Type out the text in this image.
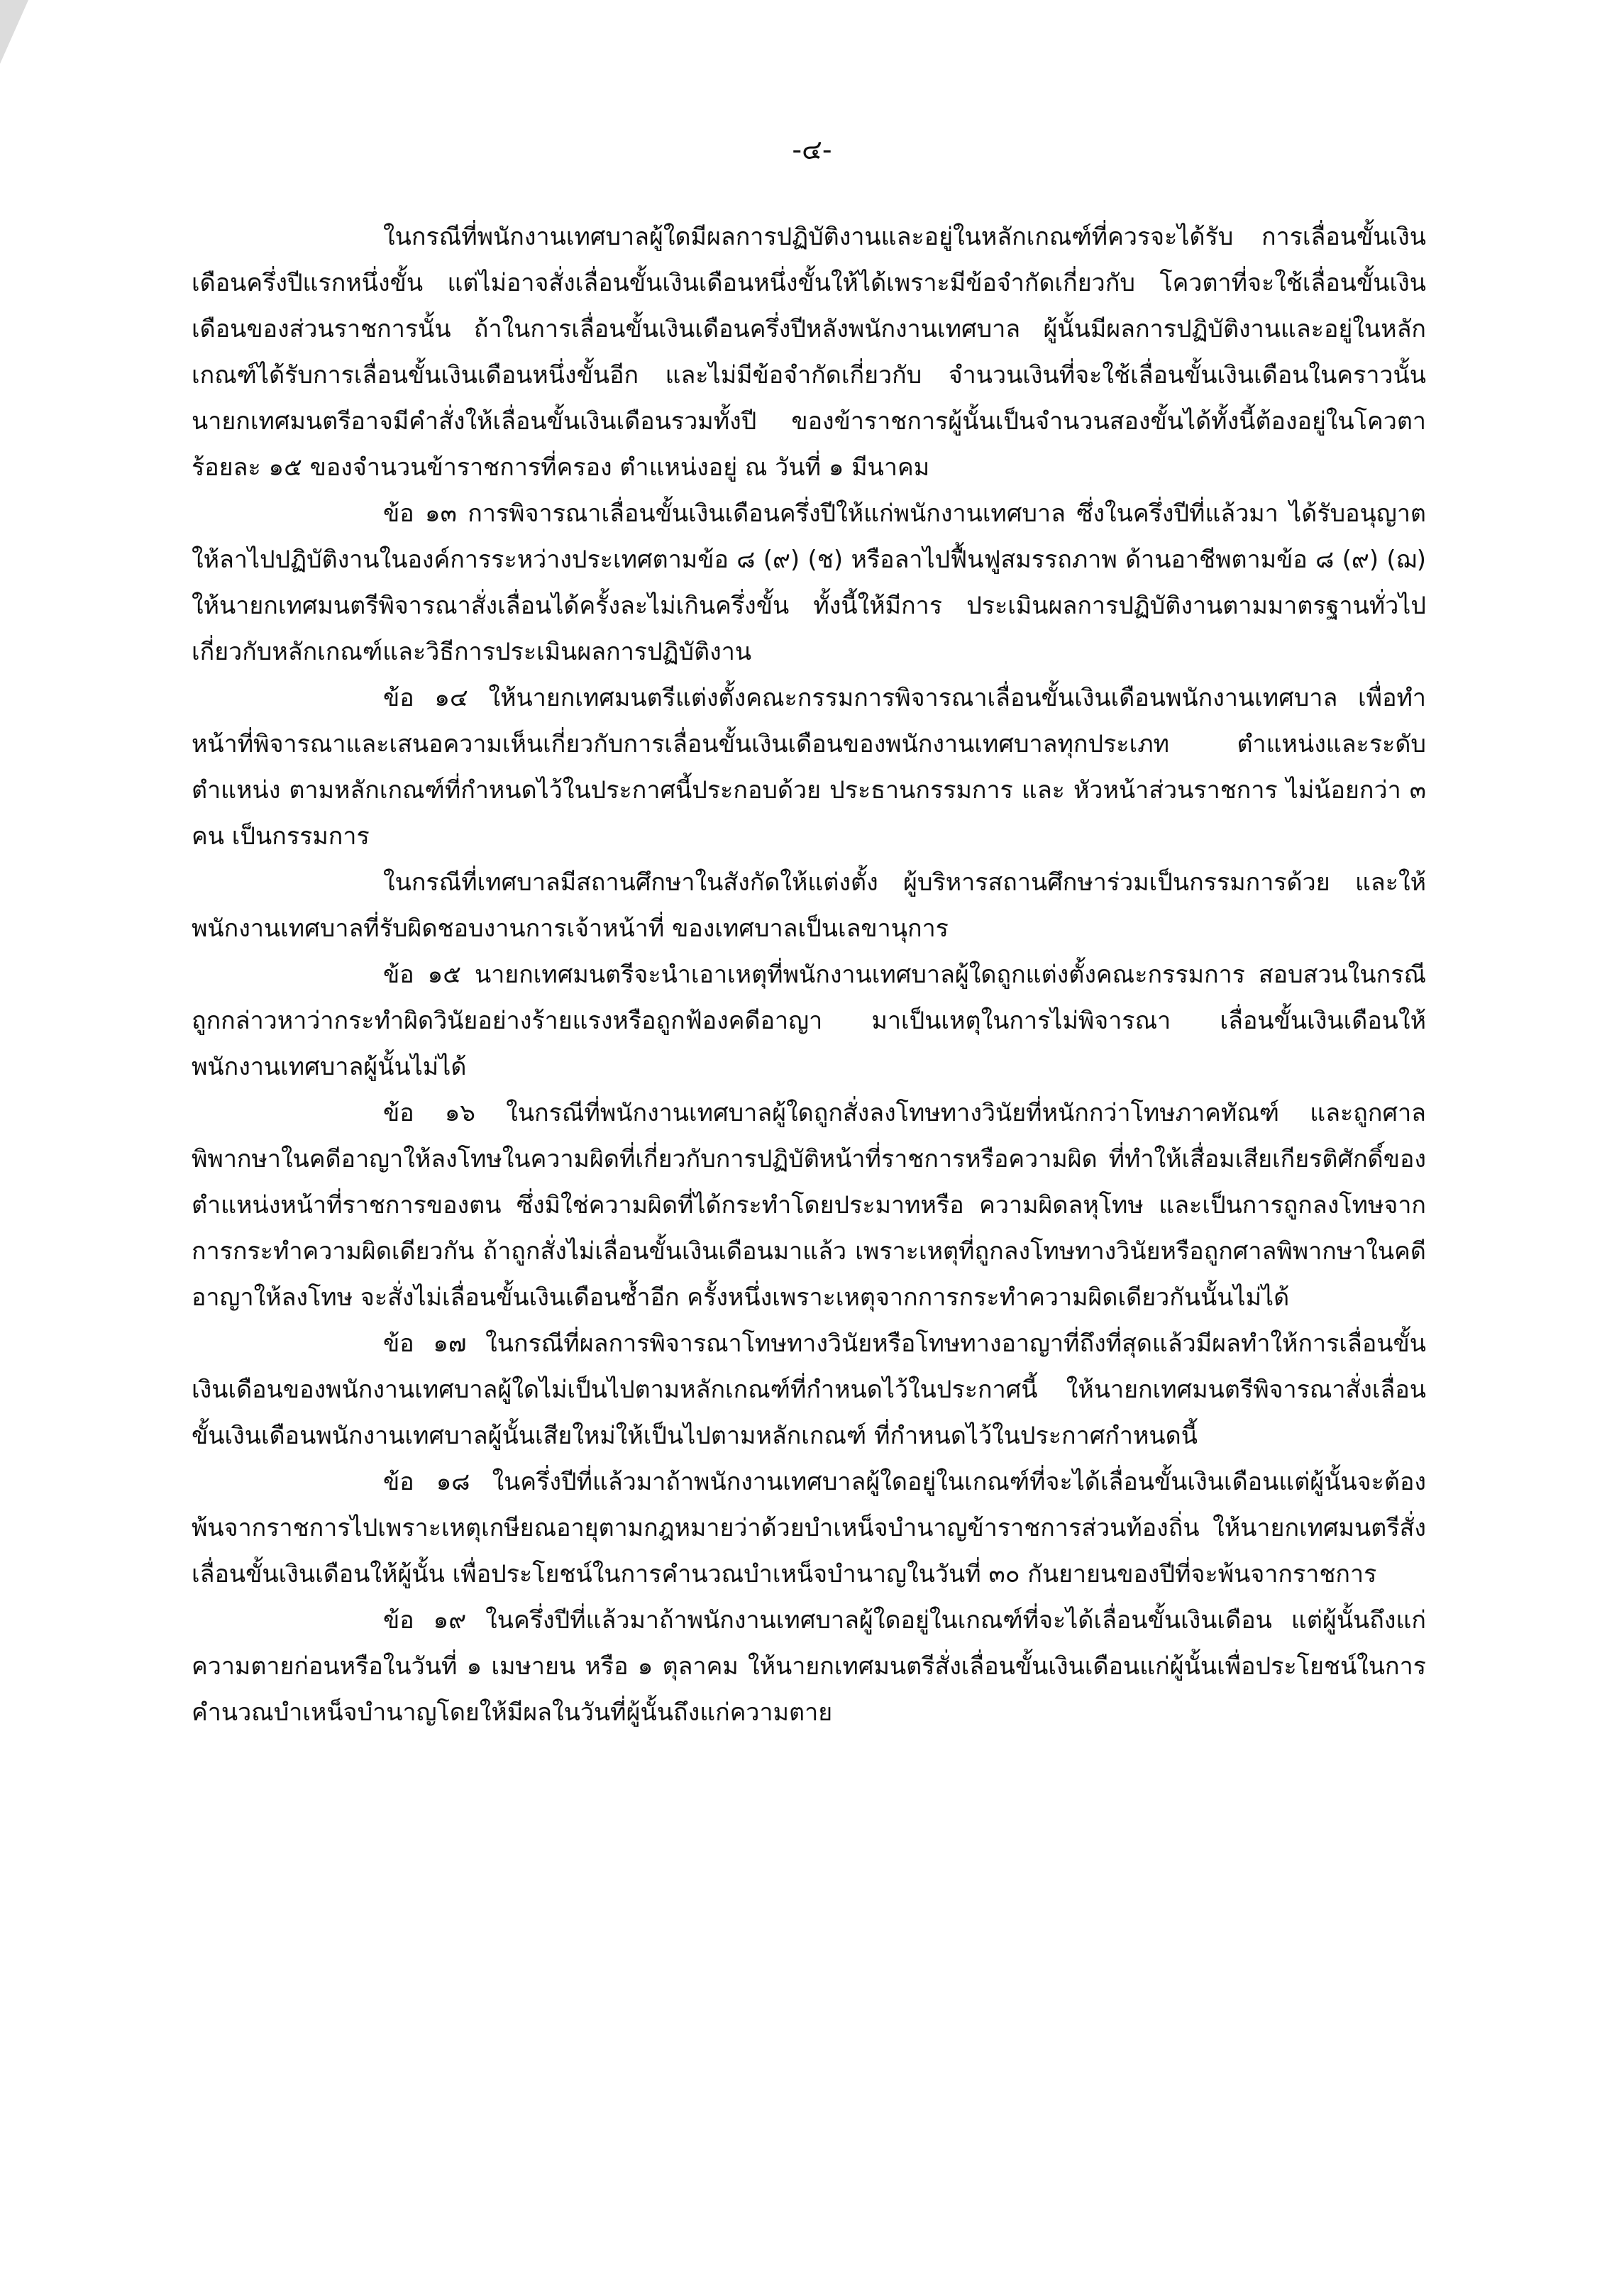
-๔-

ในกรณีที่พนักงานเทศบาลผู้ใดมีผลการปฏิบัติงานและอยู่ในหลักเกณฑ์ที่ควรจะได้รับ การเลื่อนขั้นเงินเดือนครึ่งปีแรกหนึ่งขั้น แต่ไม่อาจสั่งเลื่อนขั้นเงินเดือนหนึ่งขั้นให้ได้เพราะมีข้อจำกัดเกี่ยวกับ โควตาที่จะใช้เลื่อนขั้นเงินเดือนของส่วนราชการนั้น ถ้าในการเลื่อนขั้นเงินเดือนครึ่งปีหลังพนักงานเทศบาล ผู้นั้นมีผลการปฏิบัติงานและอยู่ในหลักเกณฑ์ได้รับการเลื่อนขั้นเงินเดือนหนึ่งขั้นอีก และไม่มีข้อจำกัดเกี่ยวกับ จำนวนเงินที่จะใช้เลื่อนขั้นเงินเดือนในคราวนั้น นายกเทศมนตรีอาจมีคำสั่งให้เลื่อนขั้นเงินเดือนรวมทั้งปี ของข้าราชการผู้นั้นเป็นจำนวนสองขั้นได้ทั้งนี้ต้องอยู่ในโควตาร้อยละ ๑๕ ของจำนวนข้าราชการที่ครอง ตำแหน่งอยู่ ณ วันที่ ๑ มีนาคม

ข้อ ๑๓ การพิจารณาเลื่อนขั้นเงินเดือนครึ่งปีให้แก่พนักงานเทศบาล ซึ่งในครึ่งปีที่แล้วมา ได้รับอนุญาตให้ลาไปปฏิบัติงานในองค์การระหว่างประเทศตามข้อ ๘ (๙) (ช) หรือลาไปฟื้นฟูสมรรถภาพ ด้านอาชีพตามข้อ ๘ (๙) (ฌ) ให้นายกเทศมนตรีพิจารณาสั่งเลื่อนได้ครั้งละไม่เกินครึ่งขั้น ทั้งนี้ให้มีการ ประเมินผลการปฏิบัติงานตามมาตรฐานทั่วไปเกี่ยวกับหลักเกณฑ์และวิธีการประเมินผลการปฏิบัติงาน

ข้อ ๑๔ ให้นายกเทศมนตรีแต่งตั้งคณะกรรมการพิจารณาเลื่อนขั้นเงินเดือนพนักงานเทศบาล เพื่อทำหน้าที่พิจารณาและเสนอความเห็นเกี่ยวกับการเลื่อนขั้นเงินเดือนของพนักงานเทศบาลทุกประเภท ตำแหน่งและระดับตำแหน่ง ตามหลักเกณฑ์ที่กำหนดไว้ในประกาศนี้ประกอบด้วย ประธานกรรมการ และ หัวหน้าส่วนราชการ ไม่น้อยกว่า ๓ คน เป็นกรรมการ

ในกรณีที่เทศบาลมีสถานศึกษาในสังกัดให้แต่งตั้ง ผู้บริหารสถานศึกษาร่วมเป็นกรรมการด้วย และให้พนักงานเทศบาลที่รับผิดชอบงานการเจ้าหน้าที่ ของเทศบาลเป็นเลขานุการ

ข้อ ๑๕ นายกเทศมนตรีจะนำเอาเหตุที่พนักงานเทศบาลผู้ใดถูกแต่งตั้งคณะกรรมการ สอบสวนในกรณีถูกกล่าวหาว่ากระทำผิดวินัยอย่างร้ายแรงหรือถูกฟ้องคดีอาญา มาเป็นเหตุในการไม่พิจารณา เลื่อนขั้นเงินเดือนให้พนักงานเทศบาลผู้นั้นไม่ได้

ข้อ ๑๖ ในกรณีที่พนักงานเทศบาลผู้ใดถูกสั่งลงโทษทางวินัยที่หนักกว่าโทษภาคทัณฑ์ และถูกศาลพิพากษาในคดีอาญาให้ลงโทษในความผิดที่เกี่ยวกับการปฏิบัติหน้าที่ราชการหรือความผิด ที่ทำให้เสื่อมเสียเกียรติศักดิ์ของตำแหน่งหน้าที่ราชการของตน ซึ่งมิใช่ความผิดที่ได้กระทำโดยประมาทหรือ ความผิดลหุโทษ และเป็นการถูกลงโทษจากการกระทำความผิดเดียวกัน ถ้าถูกสั่งไม่เลื่อนขั้นเงินเดือนมาแล้ว เพราะเหตุที่ถูกลงโทษทางวินัยหรือถูกศาลพิพากษาในคดีอาญาให้ลงโทษ จะสั่งไม่เลื่อนขั้นเงินเดือนซ้ำอีก ครั้งหนึ่งเพราะเหตุจากการกระทำความผิดเดียวกันนั้นไม่ได้

ข้อ ๑๗ ในกรณีที่ผลการพิจารณาโทษทางวินัยหรือโทษทางอาญาที่ถึงที่สุดแล้วมีผลทำให้การเลื่อนขั้นเงินเดือนของพนักงานเทศบาลผู้ใดไม่เป็นไปตามหลักเกณฑ์ที่กำหนดไว้ในประกาศนี้ ให้นายกเทศมนตรีพิจารณาสั่งเลื่อนขั้นเงินเดือนพนักงานเทศบาลผู้นั้นเสียใหม่ให้เป็นไปตามหลักเกณฑ์ ที่กำหนดไว้ในประกาศกำหนดนี้

ข้อ ๑๘ ในครึ่งปีที่แล้วมาถ้าพนักงานเทศบาลผู้ใดอยู่ในเกณฑ์ที่จะได้เลื่อนขั้นเงินเดือนแต่ผู้นั้นจะต้องพ้นจากราชการไปเพราะเหตุเกษียณอายุตามกฎหมายว่าด้วยบำเหน็จบำนาญข้าราชการส่วนท้องถิ่น ให้นายกเทศมนตรีสั่งเลื่อนขั้นเงินเดือนให้ผู้นั้น เพื่อประโยชน์ในการคำนวณบำเหน็จบำนาญในวันที่ ๓๐ กันยายนของปีที่จะพ้นจากราชการ

ข้อ ๑๙ ในครึ่งปีที่แล้วมาถ้าพนักงานเทศบาลผู้ใดอยู่ในเกณฑ์ที่จะได้เลื่อนขั้นเงินเดือน แต่ผู้นั้นถึงแก่ความตายก่อนหรือในวันที่ ๑ เมษายน หรือ ๑ ตุลาคม ให้นายกเทศมนตรีสั่งเลื่อนขั้นเงินเดือนแก่ผู้นั้นเพื่อประโยชน์ในการคำนวณบำเหน็จบำนาญโดยให้มีผลในวันที่ผู้นั้นถึงแก่ความตาย
